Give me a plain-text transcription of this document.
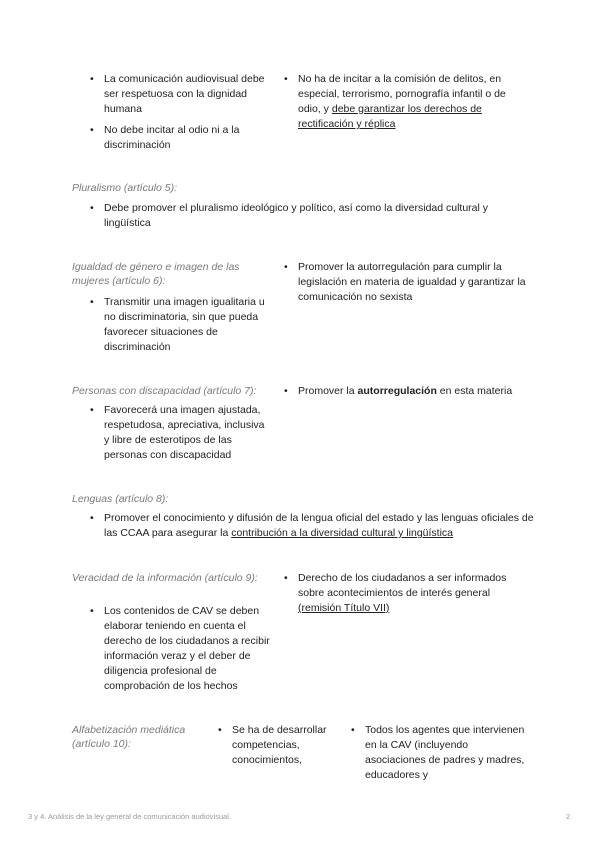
• La comunicación audiovisual debe ser respetuosa con la dignidad humana
• No debe incitar al odio ni a la discriminación
• No ha de incitar a la comisión de delitos, en especial, terrorismo, pornografía infantil o de odio, y debe garantizar los derechos de rectificación y réplica
Pluralismo (artículo 5):
• Debe promover el pluralismo ideológico y político, así como la diversidad cultural y lingüística
Igualdad de género e imagen de las mujeres (artículo 6):
• Transmitir una imagen igualitaria u no discriminatoria, sin que pueda favorecer situaciones de discriminación
• Promover la autorregulación para cumplir la legislación en materia de igualdad y garantizar la comunicación no sexista
Personas con discapacidad (artículo 7):
• Favorecerá una imagen ajustada, respetudosa, apreciativa, inclusiva y libre de esterotipos de las personas con discapacidad
• Promover la autorregulación en esta materia
Lenguas (artículo 8):
• Promover el conocimiento y difusión de la lengua oficial del estado y las lenguas oficiales de las CCAA para asegurar la contribución a la diversidad cultural y lingüística
Veracidad de la información (artículo 9):
• Los contenidos de CAV se deben elaborar teniendo en cuenta el derecho de los ciudadanos a recibir información veraz y el deber de diligencia profesional de comprobación de los hechos
• Derecho de los ciudadanos a ser informados sobre acontecimientos de interés general (remisión Título VII)
Alfabetización mediática (artículo 10):
• Se ha de desarrollar competencias, conocimientos,
• Todos los agentes que intervienen en la CAV (incluyendo asociaciones de padres y madres, educadores y
3 y 4. Análisis de la ley general de comunicación audiovisual.	2
